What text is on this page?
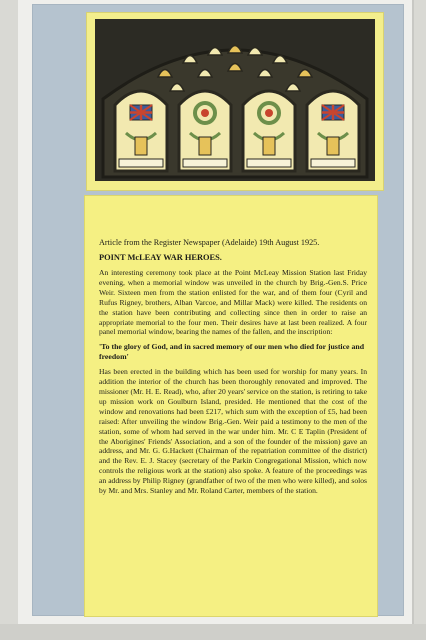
Article from the Register Newspaper (Adelaide) 19th August 1925.

POINT McLEAY WAR HEROES.

An interesting ceremony took place at the Point McLeay Mission Station last Friday evening, when a memorial window was unveiled in the church by Brig.-Gen.S. Price Weir. Sixteen men from the station enlisted for the war, and of them four (Cyril and Rufus Rigney, brothers, Alban Varcoe, and Millar Mack) were killed. The residents on the station have been contributing and collecting since then in order to raise an appropriate memorial to the four men. Their desires have at last been realized. A four panel memorial window, bearing the names of the fallen, and the inscription:

'To the glory of God, and in sacred memory of our men who died for justice and freedom'

Has been erected in the building which has been used for worship for many years. In addition the interior of the church has been thoroughly renovated and improved. The missioner (Mr. H. E. Read), who, after 20 years' service on the station, is retiring to take up mission work on Goulburn Island, presided. He mentioned that the cost of the window and renovations had been £217, which sum with the exception of £5, had been raised: After unveiling the window Brig.-Gen. Weir paid a testimony to the men of the station, some of whom had served in the war under him. Mr. C E Taplin (President of the Aborigines' Friends' Association, and a son of the founder of the mission) gave an address, and Mr. G. G.Hackett (Chairman of the repatriation committee of the district) and the Rev. E. J. Stacey (secretary of the Parkin Congregational Mission, which now controls the religious work at the station) also spoke. A feature of the proceedings was an address by Philip Rigney (grandfather of two of the men who were killed), and solos by Mr. and Mrs. Stanley and Mr. Roland Carter, members of the station.
